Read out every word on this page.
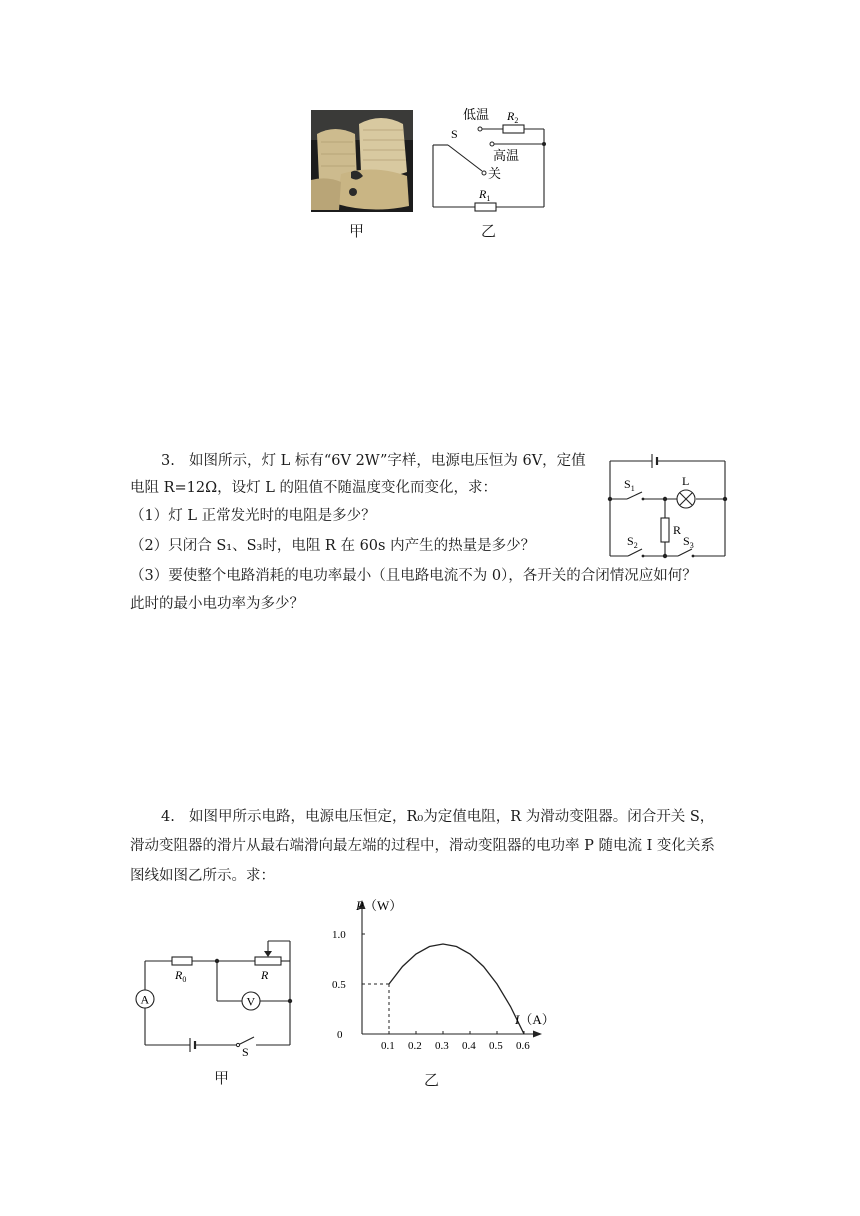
低温 $R_2$
S
高温
关
$R_1$
甲	乙
3. 如图所示，灯 L 标有“6V 2W”字样，电源电压恒为 6V，定值
电阻 R=12Ω，设灯 L 的阻值不随温度变化而变化，求：
（1）灯 L 正常发光时的电阻是多少？
（2）只闭合 S₁、S₃时，电阻 R 在 60s 内产生的热量是多少？
（3）要使整个电路消耗的电功率最小（且电路电流不为 0），各开关的合闭情况应如何？
此时的最小电功率为多少？
$S_1$
L
R
$S_2$	$S_3$
4. 如图甲所示电路，电源电压恒定，R₀为定值电阻，R 为滑动变阻器。闭合开关 S，
滑动变阻器的滑片从最右端滑向最左端的过程中，滑动变阻器的电功率 P 随电流 I 变化关系
图线如图乙所示。求：
A	V
$R_0$	R
S
甲
0.1 0.2 0.3 0.4 0.5 0.6
1.0
0.5
P（W）
I（A）
0
乙
